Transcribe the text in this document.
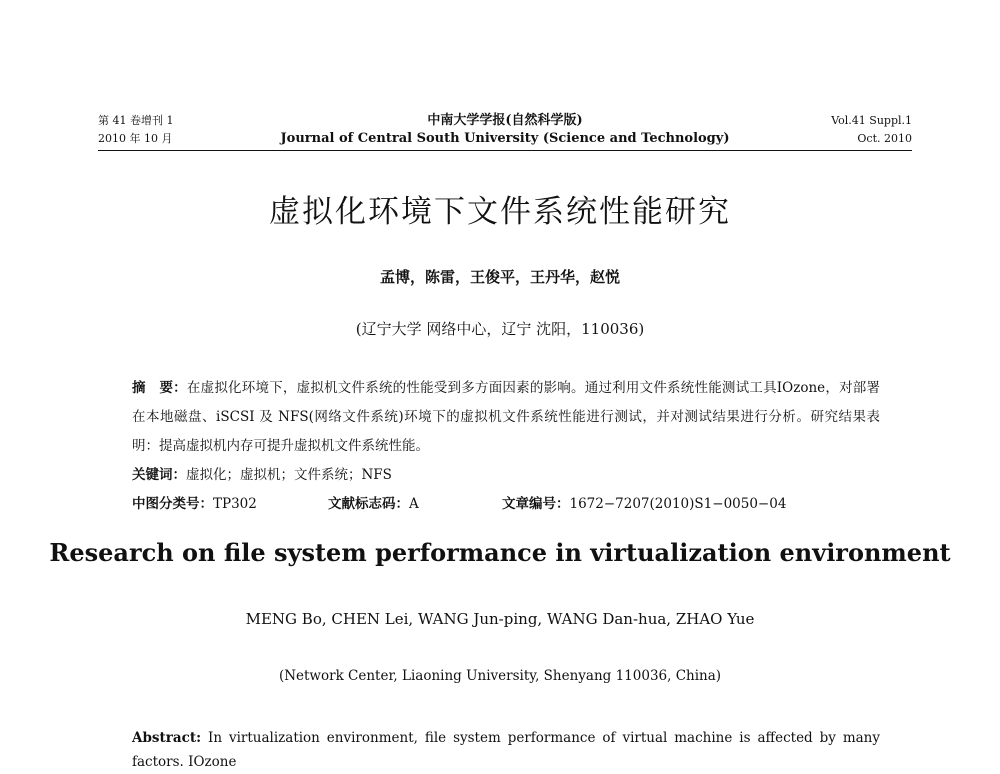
第 41 卷增刊 1
2010 年 10 月
中南大学学报(自然科学版)
Journal of Central South University (Science and Technology)
Vol.41 Suppl.1
Oct. 2010
虚拟化环境下文件系统性能研究
孟博，陈雷，王俊平，王丹华，赵悦
(辽宁大学 网络中心，辽宁 沈阳，110036)

摘　要：在虚拟化环境下，虚拟机文件系统的性能受到多方面因素的影响。通过利用文件系统性能测试工具IOzone，对部署在本地磁盘、iSCSI 及 NFS(网络文件系统)环境下的虚拟机文件系统性能进行测试，并对测试结果进行分析。研究结果表明：提高虚拟机内存可提升虚拟机文件系统性能。

关键词：虚拟化；虚拟机；文件系统；NFS

中图分类号：TP302	文献标志码：A	文章编号：1672−7207(2010)S1−0050−04
Research on file system performance in virtualization environment
MENG Bo, CHEN Lei, WANG Jun-ping, WANG Dan-hua, ZHAO Yue
(Network Center, Liaoning University, Shenyang 110036, China)
Abstract: In virtualization environment, file system performance of virtual machine is affected by many factors. IOzone
